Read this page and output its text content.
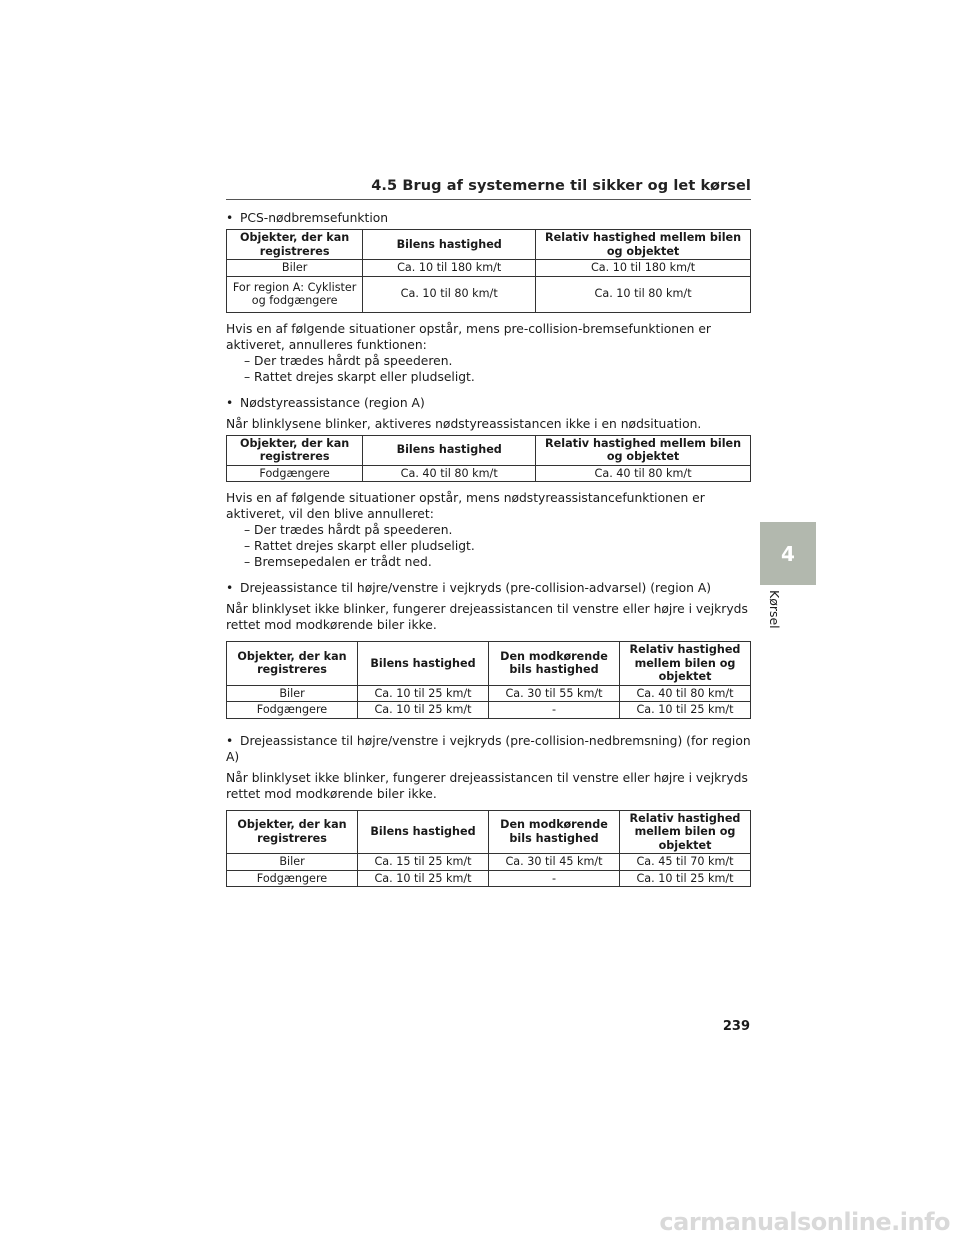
4.5 Brug af systemerne til sikker og let kørsel

• PCS-nødbremsefunktion

Objekter, der kan registreres	Bilens hastighed	Relativ hastighed mellem bilen og objektet
Biler	Ca. 10 til 180 km/t	Ca. 10 til 180 km/t
For region A: Cyklister og fodgængere	Ca. 10 til 80 km/t	Ca. 10 til 80 km/t

Hvis en af følgende situationer opstår, mens pre-collision-bremsefunktionen er aktiveret, annulleres funktionen:

– Der trædes hårdt på speederen.

– Rattet drejes skarpt eller pludseligt.

• Nødstyreassistance (region A)

Når blinklysene blinker, aktiveres nødstyreassistancen ikke i en nødsituation.

Objekter, der kan registreres	Bilens hastighed	Relativ hastighed mellem bilen og objektet
Fodgængere	Ca. 40 til 80 km/t	Ca. 40 til 80 km/t

Hvis en af følgende situationer opstår, mens nødstyreassistancefunktionen er aktiveret, vil den blive annulleret:

– Der trædes hårdt på speederen.

– Rattet drejes skarpt eller pludseligt.

– Bremsepedalen er trådt ned.

• Drejeassistance til højre/venstre i vejkryds (pre-collision-advarsel) (region A)

Når blinklyset ikke blinker, fungerer drejeassistancen til venstre eller højre i vejkryds rettet mod modkørende biler ikke.

Objekter, der kan registreres	Bilens hastighed	Den modkørende bils hastighed	Relativ hastighed mellem bilen og objektet
Biler	Ca. 10 til 25 km/t	Ca. 30 til 55 km/t	Ca. 40 til 80 km/t
Fodgængere	Ca. 10 til 25 km/t	-	Ca. 10 til 25 km/t

• Drejeassistance til højre/venstre i vejkryds (pre-collision-nedbremsning) (for region A)

Når blinklyset ikke blinker, fungerer drejeassistancen til venstre eller højre i vejkryds rettet mod modkørende biler ikke.

Objekter, der kan registreres	Bilens hastighed	Den modkørende bils hastighed	Relativ hastighed mellem bilen og objektet
Biler	Ca. 15 til 25 km/t	Ca. 30 til 45 km/t	Ca. 45 til 70 km/t
Fodgængere	Ca. 10 til 25 km/t	-	Ca. 10 til 25 km/t
4
Kørsel
239
carmanualsonline.info
